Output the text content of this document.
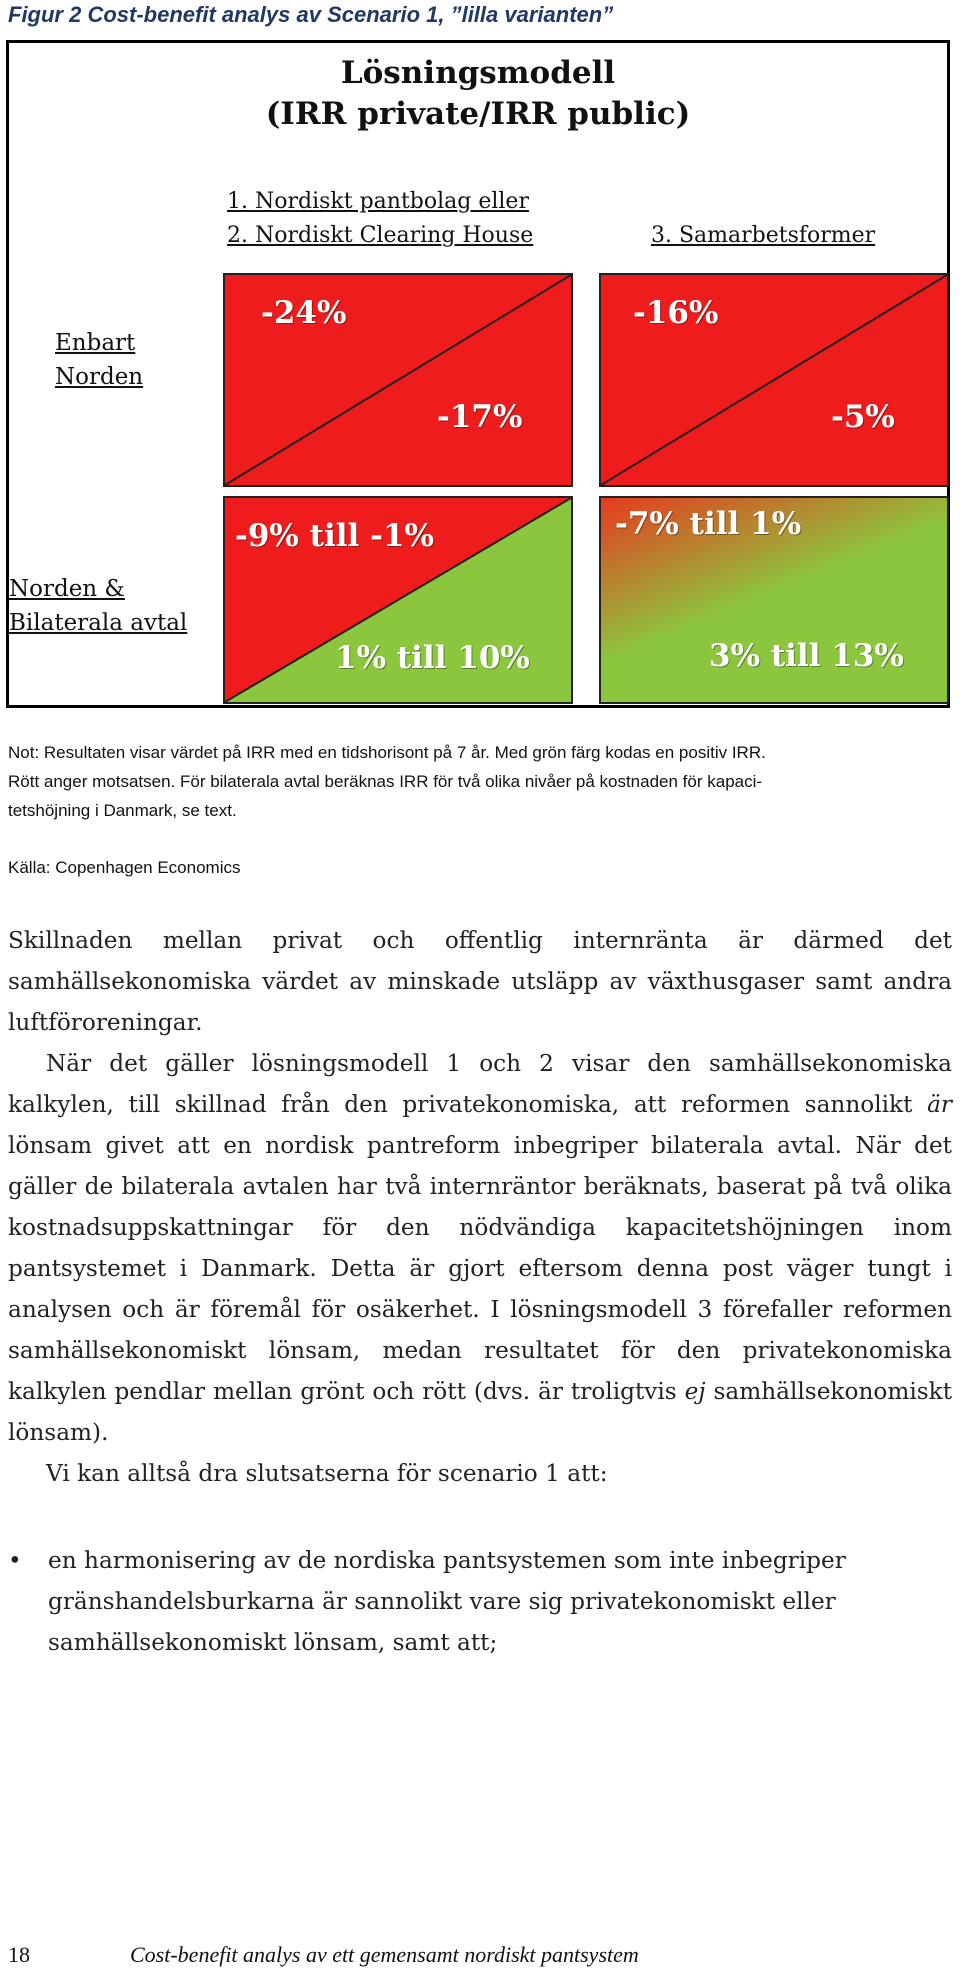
Figur 2 Cost-benefit analys av Scenario 1, ”lilla varianten”
Lösningsmodell
(IRR private/IRR public)
1. Nordiskt pantbolag eller
2. Nordiskt Clearing House	3. Samarbetsformer
Enbart
Norden
Norden &
Bilaterala avtal
-24%
-17%
-16%
-5%
-9% till -1%
1% till 10%
-7% till 1%
3% till 13%
Not: Resultaten visar värdet på IRR med en tidshorisont på 7 år. Med grön färg kodas en positiv IRR.
Rött anger motsatsen. För bilaterala avtal beräknas IRR för två olika nivåer på kostnaden för kapaci-
tetshöjning i Danmark, se text.
Källa: Copenhagen Economics

Skillnaden mellan privat och offentlig internränta är därmed det samhällsekonomiska värdet av minskade utsläpp av växthusgaser samt andra luftföroreningar.

När det gäller lösningsmodell 1 och 2 visar den samhällsekonomiska kalkylen, till skillnad från den privatekonomiska, att reformen sannolikt är lönsam givet att en nordisk pantreform inbegriper bilaterala avtal. När det gäller de bilaterala avtalen har två internräntor beräknats, baserat på två olika kostnadsuppskattningar för den nödvändiga kapacitetshöjningen inom pantsystemet i Danmark. Detta är gjort eftersom denna post väger tungt i analysen och är föremål för osäkerhet. I lösningsmodell 3 förefaller reformen samhällsekonomiskt lönsam, medan resultatet för den privatekonomiska kalkylen pendlar mellan grönt och rött (dvs. är troligtvis ej samhällsekonomiskt lönsam).

Vi kan alltså dra slutsatserna för scenario 1 att:

• en harmonisering av de nordiska pantsystemen som inte inbegriper gränshandelsburkarna är sannolikt vare sig privatekonomiskt eller samhällsekonomiskt lönsam, samt att;
18	Cost-benefit analys av ett gemensamt nordiskt pantsystem
